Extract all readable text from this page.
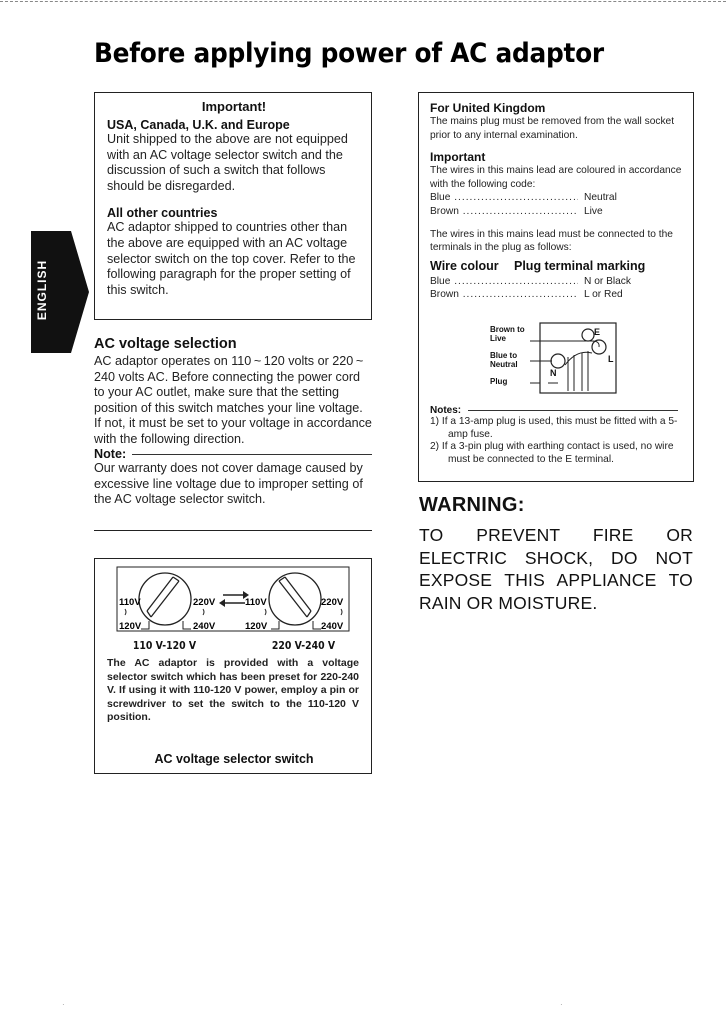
Before applying power of AC adaptor
ENGLISH

Important!

USA, Canada, U.K. and Europe

Unit shipped to the above are not equipped with an AC voltage selector switch and the discussion of such a switch that follows should be disregarded.

All other countries

AC adaptor shipped to countries other than the above are equipped with an AC voltage selector switch on the top cover. Refer to the following paragraph for the proper setting of this switch.

AC voltage selection

AC adaptor operates on 110 ~ 120 volts or 220 ~ 240 volts AC. Before connecting the power cord to your AC outlet, make sure that the setting position of this switch matches your line voltage. If not, it must be set to your voltage in accordance with the following direction.

Note:

Our warranty does not cover damage caused by excessive line voltage due to improper setting of the AC voltage selector switch.

110V
120V
220V
240V
110V
120V
220V
240V
110 V-120 V	220 V-240 V

The AC adaptor is provided with a voltage selector switch which has been preset for 220-240 V. If using it with 110-120 V power, employ a pin or screwdriver to set the switch to the 110-120 V position.

AC voltage selector switch

For United Kingdom

The mains plug must be removed from the wall socket prior to any internal examination.

Important

The wires in this mains lead are coloured in accordance with the following code:

Blue .....	Neutral
Brown .....	Live

The wires in this mains lead must be connected to the terminals in the plug as follows:

Wire colour	Plug terminal marking
Blue .....	N or Black
Brown .....	L or Red
Brown to
Live
Blue to
Neutral
Plug
E
L
N
Notes:

1) If a 13-amp plug is used, this must be fitted with a 5-amp fuse.

2) If a 3-pin plug with earthing contact is used, no wire must be connected to the E terminal.

WARNING:

TO PREVENT FIRE OR ELECTRIC SHOCK, DO NOT EXPOSE THIS APPLIANCE TO RAIN OR MOISTURE.

·	·
